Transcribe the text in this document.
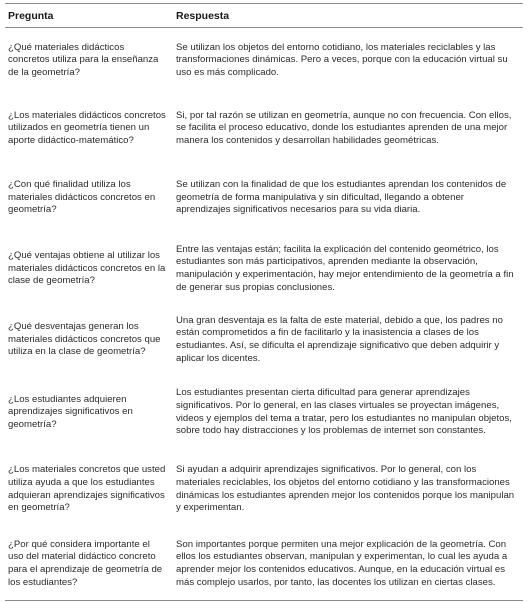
Pregunta	Respuesta
¿Qué materiales didácticos concretos utiliza para la enseñanza de la geometría?
Se utilizan los objetos del entorno cotidiano, los materiales reciclables y las transformaciones dinámicas. Pero a veces, porque con la educación virtual su uso es más complicado.
¿Los materiales didácticos concretos utilizados en geometría tienen un aporte didáctico-matemático?
Si, por tal razón se utilizan en geometría, aunque no con frecuencia. Con ellos, se facilita el proceso educativo, donde los estudiantes aprenden de una mejor manera los contenidos y desarrollan habilidades geométricas.
¿Con qué finalidad utiliza los materiales didácticos concretos en geometría?
Se utilizan con la finalidad de que los estudiantes aprendan los contenidos de geometría de forma manipulativa y sin dificultad, llegando a obtener aprendizajes significativos necesarios para su vida diaria.
¿Qué ventajas obtiene al utilizar los materiales didácticos concretos en la clase de geometría?
Entre las ventajas están; facilita la explicación del contenido geométrico, los estudiantes son más participativos, aprenden mediante la observación, manipulación y experimentación, hay mejor entendimiento de la geometría a fin de generar sus propias conclusiones.
¿Qué desventajas generan los materiales didácticos concretos que utiliza en la clase de geometría?
Una gran desventaja es la falta de este material, debido a que, los padres no están comprometidos a fin de facilitarlo y la inasistencia a clases de los estudiantes. Así, se dificulta el aprendizaje significativo que deben adquirir y aplicar los dicentes.
¿Los estudiantes adquieren aprendizajes significativos en geometría?
Los estudiantes presentan cierta dificultad para generar aprendizajes significativos. Por lo general, en las clases virtuales se proyectan imágenes, videos y ejemplos del tema a tratar, pero los estudiantes no manipulan objetos, sobre todo hay distracciones y los problemas de internet son constantes.
¿Los materiales concretos que usted utiliza ayuda a que los estudiantes adquieran aprendizajes significativos en geometría?
Si ayudan a adquirir aprendizajes significativos. Por lo general, con los materiales reciclables, los objetos del entorno cotidiano y las transformaciones dinámicas los estudiantes aprenden mejor los contenidos porque los manipulan y experimentan.
¿Por qué considera importante el uso del material didáctico concreto para el aprendizaje de geometría de los estudiantes?
Son importantes porque permiten una mejor explicación de la geometría. Con ellos los estudiantes observan, manipulan y experimentan, lo cual les ayuda a aprender mejor los contenidos educativos. Aunque, en la educación virtual es más complejo usarlos, por tanto, las docentes los utilizan en ciertas clases.
